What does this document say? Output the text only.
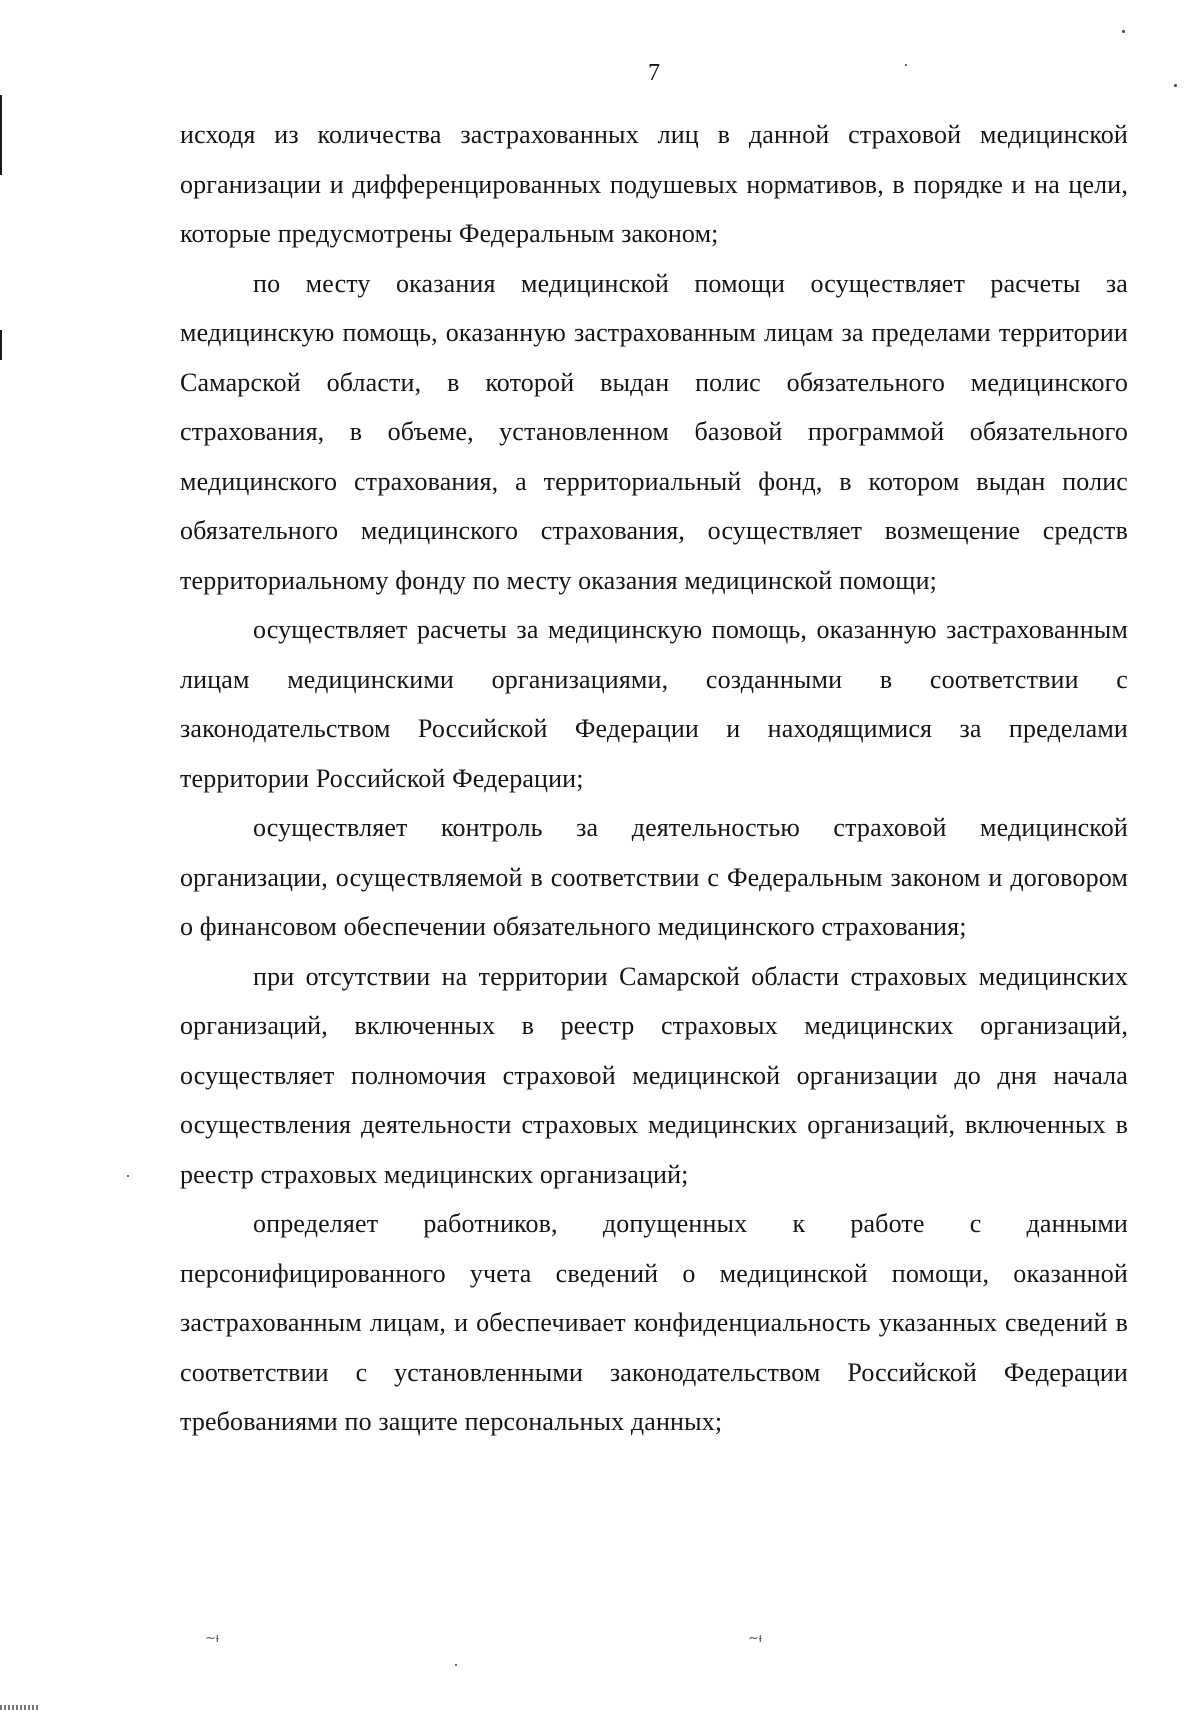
7

исходя из количества застрахованных лиц в данной страховой медицинской организации и дифференцированных подушевых нормативов, в порядке и на цели, которые предусмотрены Федеральным законом;

по месту оказания медицинской помощи осуществляет расчеты за медицинскую помощь, оказанную застрахованным лицам за пределами территории Самарской области, в которой выдан полис обязательного медицинского страхования, в объеме, установленном базовой программой обязательного медицинского страхования, а территориальный фонд, в котором выдан полис обязательного медицинского страхования, осуществляет возмещение средств территориальному фонду по месту оказания медицинской помощи;

осуществляет расчеты за медицинскую помощь, оказанную застрахованным лицам медицинскими организациями, созданными в соответствии с законодательством Российской Федерации и находящимися за пределами территории Российской Федерации;

осуществляет контроль за деятельностью страховой медицинской организации, осуществляемой в соответствии с Федеральным законом и договором о финансовом обеспечении обязательного медицинского страхования;

при отсутствии на территории Самарской области страховых медицинских организаций, включенных в реестр страховых медицинских организаций, осуществляет полномочия страховой медицинской организации до дня начала осуществления деятельности страховых медицинских организаций, включенных в реестр страховых медицинских организаций;

определяет работников, допущенных к работе с данными персонифицированного учета сведений о медицинской помощи, оказанной застрахованным лицам, и обеспечивает конфиденциальность указанных сведений в соответствии с установленными законодательством Российской Федерации требованиями по защите персональных данных;

~ᵼ	~ᵼ
